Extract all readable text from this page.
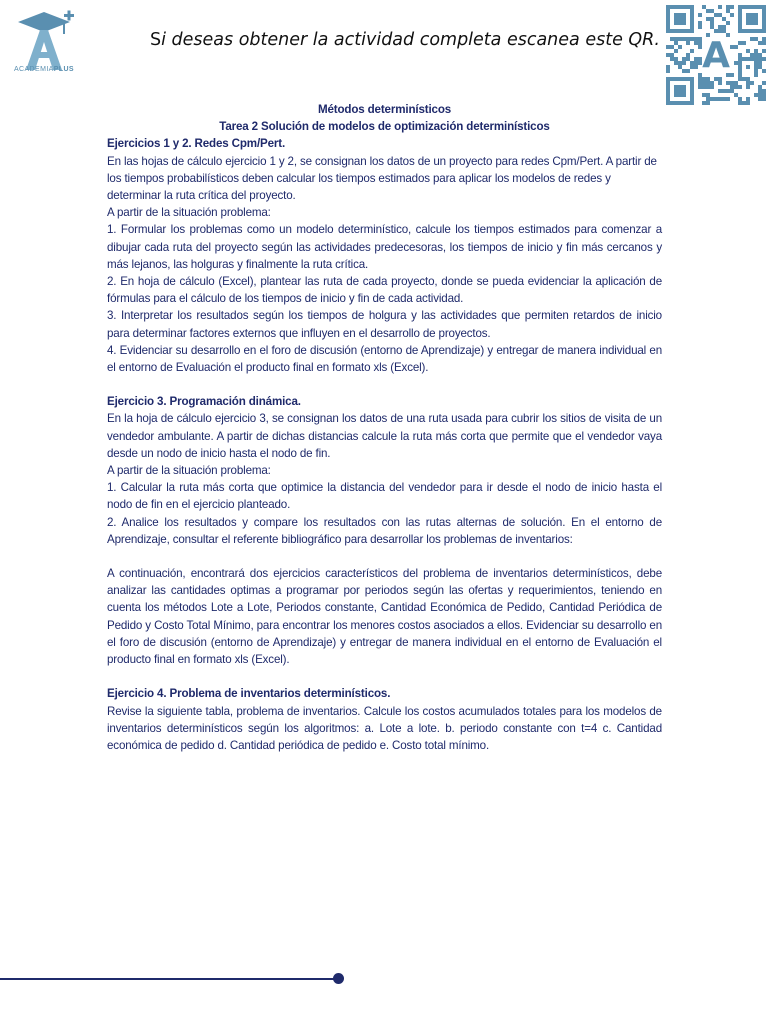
ACADEMIAPLUS
Si deseas obtener la actividad completa escanea este QR.	A

Métodos determinísticos

Tarea 2 Solución de modelos de optimización determinísticos

Ejercicios 1 y 2. Redes Cpm/Pert.

En las hojas de cálculo ejercicio 1 y 2, se consignan los datos de un proyecto para redes Cpm/Pert. A partir de los tiempos probabilísticos deben calcular los tiempos estimados para aplicar los modelos de redes y determinar la ruta crítica del proyecto.

A partir de la situación problema:

1. Formular los problemas como un modelo determinístico, calcule los tiempos estimados para comenzar a dibujar cada ruta del proyecto según las actividades predecesoras, los tiempos de inicio y fin más cercanos y más lejanos, las holguras y finalmente la ruta crítica.

2. En hoja de cálculo (Excel), plantear las ruta de cada proyecto, donde se pueda evidenciar la aplicación de fórmulas para el cálculo de los tiempos de inicio y fin de cada actividad.

3. Interpretar los resultados según los tiempos de holgura y las actividades que permiten retardos de inicio para determinar factores externos que influyen en el desarrollo de proyectos.

4. Evidenciar su desarrollo en el foro de discusión (entorno de Aprendizaje) y entregar de manera individual en el entorno de Evaluación el producto final en formato xls (Excel).

Ejercicio 3. Programación dinámica.

En la hoja de cálculo ejercicio 3, se consignan los datos de una ruta usada para cubrir los sitios de visita de un vendedor ambulante. A partir de dichas distancias calcule la ruta más corta que permite que el vendedor vaya desde un nodo de inicio hasta el nodo de fin.

A partir de la situación problema:

1. Calcular la ruta más corta que optimice la distancia del vendedor para ir desde el nodo de inicio hasta el nodo de fin en el ejercicio planteado.

2. Analice los resultados y compare los resultados con las rutas alternas de solución. En el entorno de Aprendizaje, consultar el referente bibliográfico para desarrollar los problemas de inventarios:

A continuación, encontrará dos ejercicios característicos del problema de inventarios determinísticos, debe analizar las cantidades optimas a programar por periodos según las ofertas y requerimientos, teniendo en cuenta los métodos Lote a Lote, Periodos constante, Cantidad Económica de Pedido, Cantidad Periódica de Pedido y Costo Total Mínimo, para encontrar los menores costos asociados a ellos. Evidenciar su desarrollo en el foro de discusión (entorno de Aprendizaje) y entregar de manera individual en el entorno de Evaluación el producto final en formato xls (Excel).

Ejercicio 4. Problema de inventarios determinísticos.

Revise la siguiente tabla, problema de inventarios. Calcule los costos acumulados totales para los modelos de inventarios determinísticos según los algoritmos: a. Lote a lote. b. periodo constante con t=4 c. Cantidad económica de pedido d. Cantidad periódica de pedido e. Costo total mínimo.
